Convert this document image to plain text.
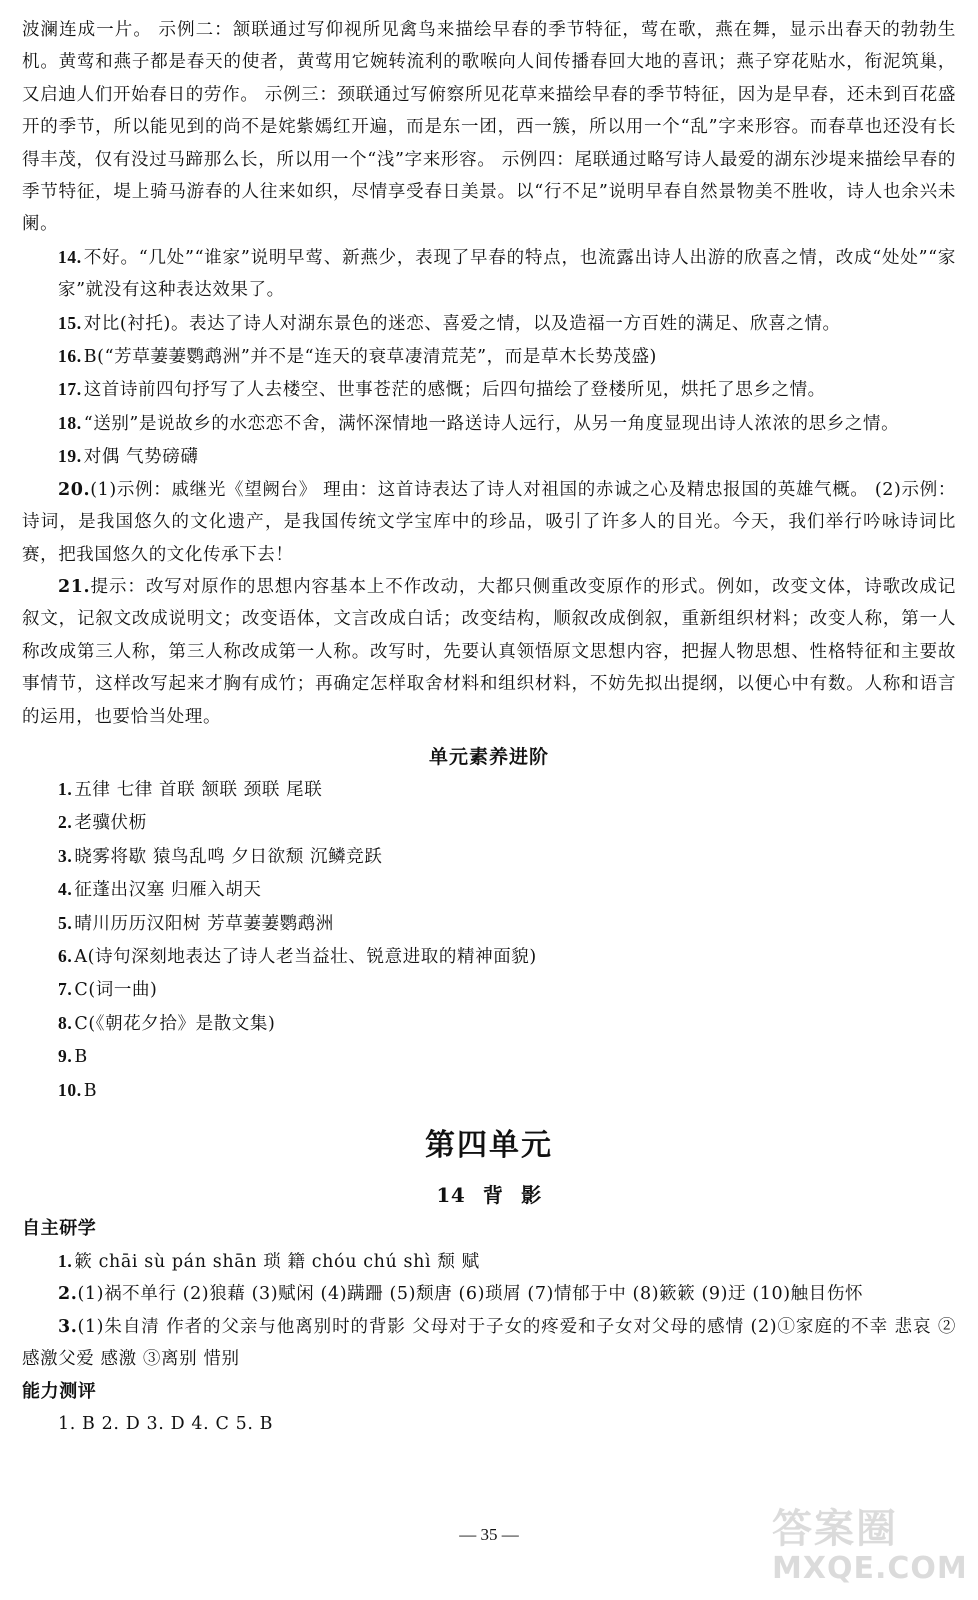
波澜连成一片。 示例二：颔联通过写仰视所见禽鸟来描绘早春的季节特征，莺在歌，燕在舞，显示出春天的勃勃生机。黄莺和燕子都是春天的使者，黄莺用它婉转流利的歌喉向人间传播春回大地的喜讯；燕子穿花贴水，衔泥筑巢，又启迪人们开始春日的劳作。 示例三：颈联通过写俯察所见花草来描绘早春的季节特征，因为是早春，还未到百花盛开的季节，所以能见到的尚不是姹紫嫣红开遍，而是东一团，西一簇，所以用一个“乱”字来形容。而春草也还没有长得丰茂，仅有没过马蹄那么长，所以用一个“浅”字来形容。 示例四：尾联通过略写诗人最爱的湖东沙堤来描绘早春的季节特征，堤上骑马游春的人往来如织，尽情享受春日美景。以“行不足”说明早春自然景物美不胜收，诗人也余兴未阑。

14. 不好。“几处”“谁家”说明早莺、新燕少，表现了早春的特点，也流露出诗人出游的欣喜之情，改成“处处”“家家”就没有这种表达效果了。

15. 对比(衬托)。表达了诗人对湖东景色的迷恋、喜爱之情，以及造福一方百姓的满足、欣喜之情。

16. B(“芳草萋萋鹦鹉洲”并不是“连天的衰草凄清荒芜”，而是草木长势茂盛)

17. 这首诗前四句抒写了人去楼空、世事苍茫的感慨；后四句描绘了登楼所见，烘托了思乡之情。

18. “送别”是说故乡的水恋恋不舍，满怀深情地一路送诗人远行，从另一角度显现出诗人浓浓的思乡之情。

19. 对偶 气势磅礴

20.(1)示例：戚继光《望阙台》 理由：这首诗表达了诗人对祖国的赤诚之心及精忠报国的英雄气概。 (2)示例：诗词，是我国悠久的文化遗产，是我国传统文学宝库中的珍品，吸引了许多人的目光。今天，我们举行吟咏诗词比赛，把我国悠久的文化传承下去！

21.提示：改写对原作的思想内容基本上不作改动，大都只侧重改变原作的形式。例如，改变文体，诗歌改成记叙文，记叙文改成说明文；改变语体，文言改成白话；改变结构，顺叙改成倒叙，重新组织材料；改变人称，第一人称改成第三人称，第三人称改成第一人称。改写时，先要认真领悟原文思想内容，把握人物思想、性格特征和主要故事情节，这样改写起来才胸有成竹；再确定怎样取舍材料和组织材料，不妨先拟出提纲，以便心中有数。人称和语言的运用，也要恰当处理。

单元素养进阶

1. 五律 七律 首联 颔联 颈联 尾联

2. 老骥伏枥

3. 晓雾将歇 猿鸟乱鸣 夕日欲颓 沉鳞竞跃

4. 征蓬出汉塞 归雁入胡天

5. 晴川历历汉阳树 芳草萋萋鹦鹉洲

6. A(诗句深刻地表达了诗人老当益壮、锐意进取的精神面貌)

7. C(词一曲)

8. C(《朝花夕拾》是散文集)

9. B

10. B

第四单元

14 背 影

自主研学

1. 簌 chāi sù pán shān 琐 籍 chóu chú shì 颓 赋

2.(1)祸不单行 (2)狼藉 (3)赋闲 (4)蹒跚 (5)颓唐 (6)琐屑 (7)情郁于中 (8)簌簌 (9)迂 (10)触目伤怀

3.(1)朱自清 作者的父亲与他离别时的背影 父母对于子女的疼爱和子女对父母的感情 (2)①家庭的不幸 悲哀 ②感激父爱 感激 ③离别 惜别

能力测评

1. B 2. D 3. D 4. C 5. B

— 35 —	答案圈
MXQE.COM
